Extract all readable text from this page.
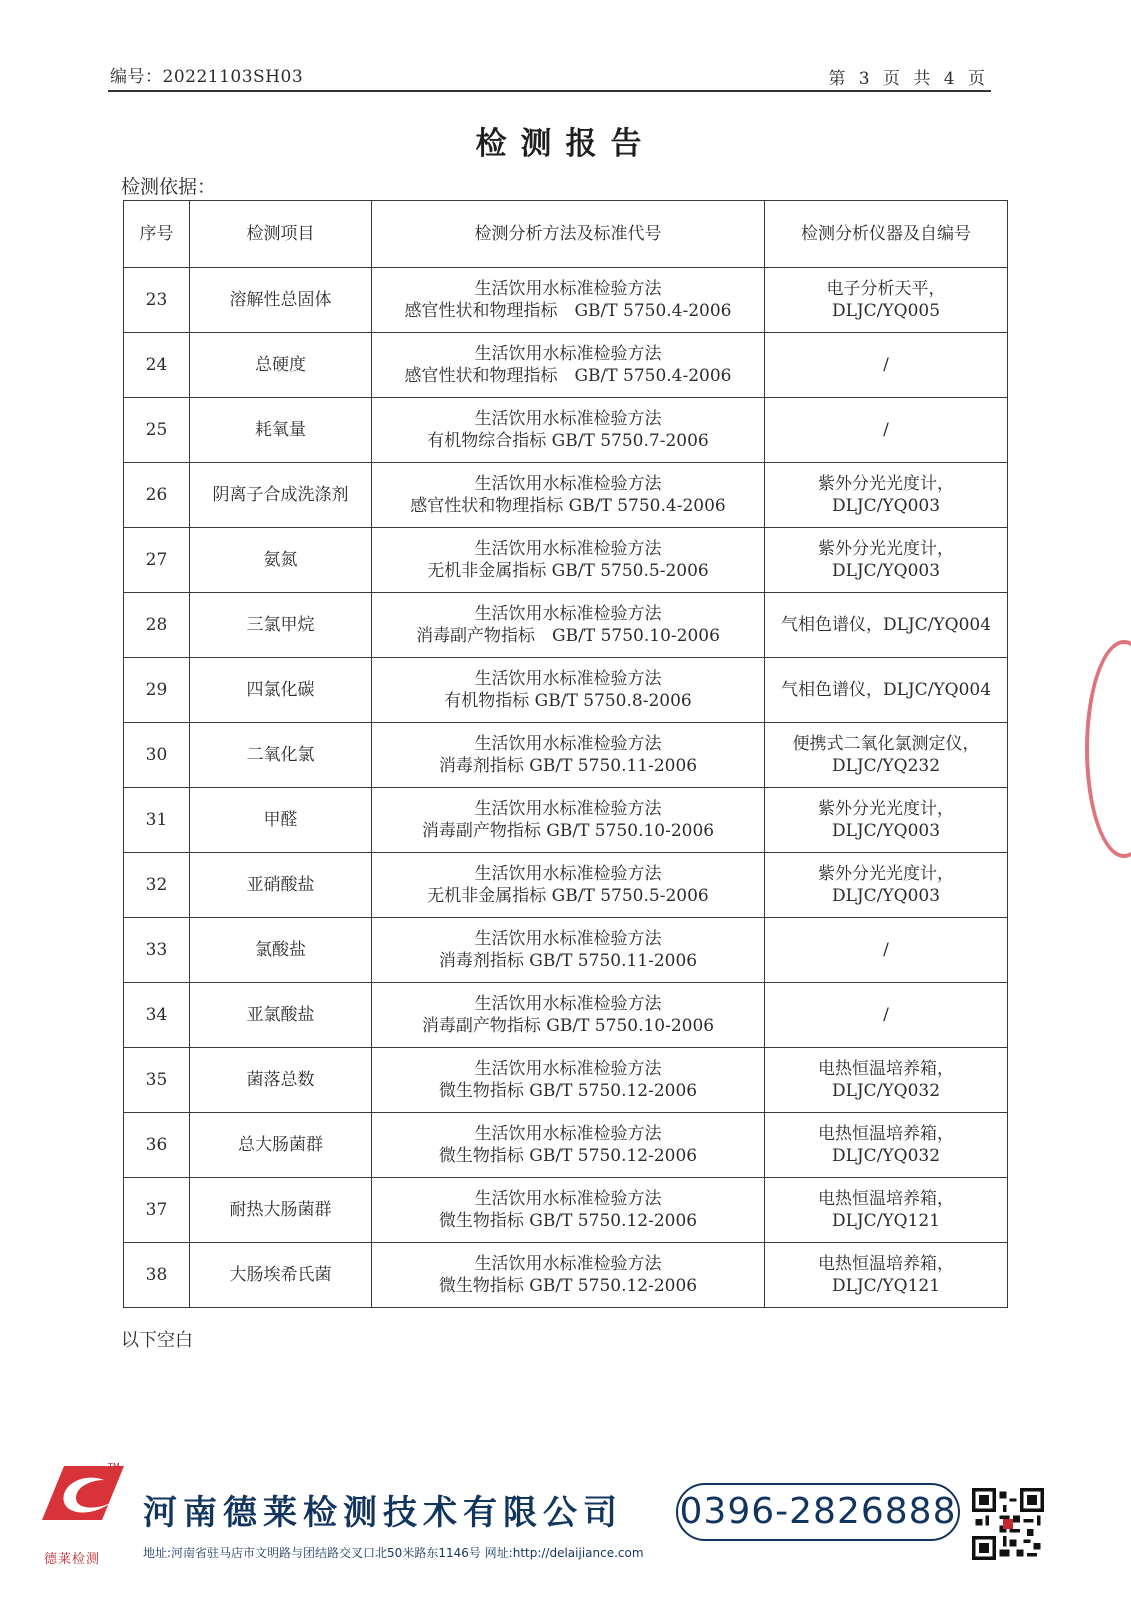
编号：20221103SH03	第 3 页 共 4 页
检测报告
检测依据：
序号	检测项目	检测分析方法及标准代号	检测分析仪器及自编号
23	溶解性总固体	生活饮用水标准检验方法
感官性状和物理指标　GB/T 5750.4-2006	电子分析天平，
DLJC/YQ005

24	总硬度	生活饮用水标准检验方法
感官性状和物理指标　GB/T 5750.4-2006	/

25	耗氧量	生活饮用水标准检验方法
有机物综合指标 GB/T 5750.7-2006	/

26	阴离子合成洗涤剂	生活饮用水标准检验方法
感官性状和物理指标 GB/T 5750.4-2006	紫外分光光度计，
DLJC/YQ003

27	氨氮	生活饮用水标准检验方法
无机非金属指标 GB/T 5750.5-2006	紫外分光光度计，
DLJC/YQ003

28	三氯甲烷	生活饮用水标准检验方法
消毒副产物指标　GB/T 5750.10-2006	气相色谱仪，DLJC/YQ004

29	四氯化碳	生活饮用水标准检验方法
有机物指标 GB/T 5750.8-2006	气相色谱仪，DLJC/YQ004

30	二氧化氯	生活饮用水标准检验方法
消毒剂指标 GB/T 5750.11-2006	便携式二氧化氯测定仪，
DLJC/YQ232

31	甲醛	生活饮用水标准检验方法
消毒副产物指标 GB/T 5750.10-2006	紫外分光光度计，
DLJC/YQ003

32	亚硝酸盐	生活饮用水标准检验方法
无机非金属指标 GB/T 5750.5-2006	紫外分光光度计，
DLJC/YQ003

33	氯酸盐	生活饮用水标准检验方法
消毒剂指标 GB/T 5750.11-2006	/

34	亚氯酸盐	生活饮用水标准检验方法
消毒副产物指标 GB/T 5750.10-2006	/

35	菌落总数	生活饮用水标准检验方法
微生物指标 GB/T 5750.12-2006	电热恒温培养箱，
DLJC/YQ032

36	总大肠菌群	生活饮用水标准检验方法
微生物指标 GB/T 5750.12-2006	电热恒温培养箱，
DLJC/YQ032

37	耐热大肠菌群	生活饮用水标准检验方法
微生物指标 GB/T 5750.12-2006	电热恒温培养箱，
DLJC/YQ121

38	大肠埃希氏菌	生活饮用水标准检验方法
微生物指标 GB/T 5750.12-2006	电热恒温培养箱，
DLJC/YQ121
以下空白
TM
德莱检测
河南德莱检测技术有限公司
地址:河南省驻马店市文明路与团结路交叉口北50米路东1146号 网址:http://delaijiance.com
0396-2826888
